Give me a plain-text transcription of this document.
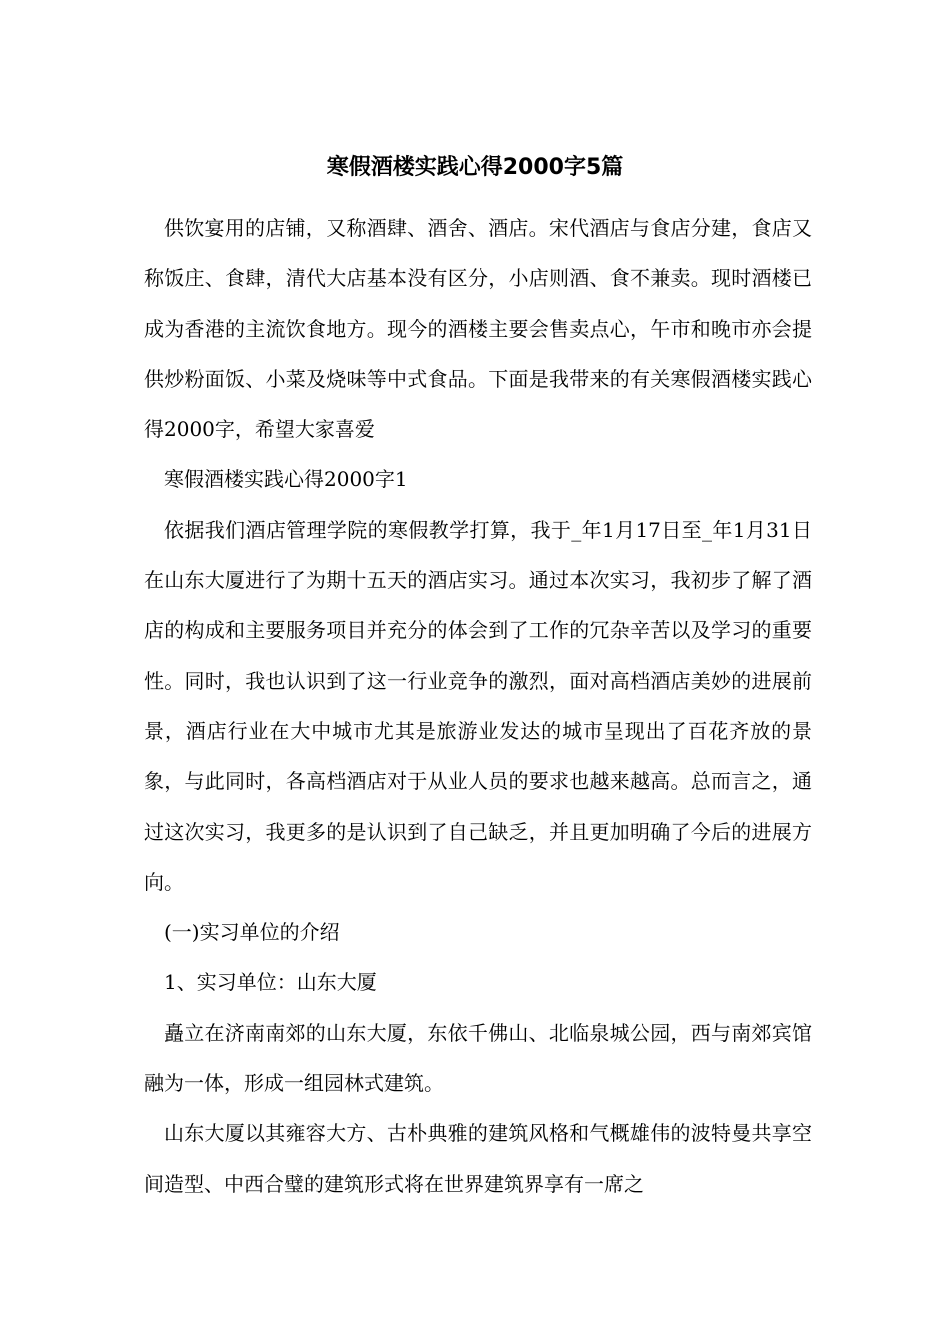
寒假酒楼实践心得2000字5篇

供饮宴用的店铺，又称酒肆、酒舍、酒店。宋代酒店与食店分建，食店又称饭庄、食肆，清代大店基本没有区分，小店则酒、食不兼卖。现时酒楼已成为香港的主流饮食地方。现今的酒楼主要会售卖点心，午市和晚市亦会提供炒粉面饭、小菜及烧味等中式食品。下面是我带来的有关寒假酒楼实践心得2000字，希望大家喜爱

寒假酒楼实践心得2000字1

依据我们酒店管理学院的寒假教学打算，我于_年1月17日至_年1月31日在山东大厦进行了为期十五天的酒店实习。通过本次实习，我初步了解了酒店的构成和主要服务项目并充分的体会到了工作的冗杂辛苦以及学习的重要性。同时，我也认识到了这一行业竞争的激烈，面对高档酒店美妙的进展前景，酒店行业在大中城市尤其是旅游业发达的城市呈现出了百花齐放的景象，与此同时，各高档酒店对于从业人员的要求也越来越高。总而言之，通过这次实习，我更多的是认识到了自己缺乏，并且更加明确了今后的进展方向。

(一)实习单位的介绍

1、实习单位：山东大厦

矗立在济南南郊的山东大厦，东依千佛山、北临泉城公园，西与南郊宾馆融为一体，形成一组园林式建筑。

山东大厦以其雍容大方、古朴典雅的建筑风格和气概雄伟的波特曼共享空间造型、中西合璧的建筑形式将在世界建筑界享有一席之
